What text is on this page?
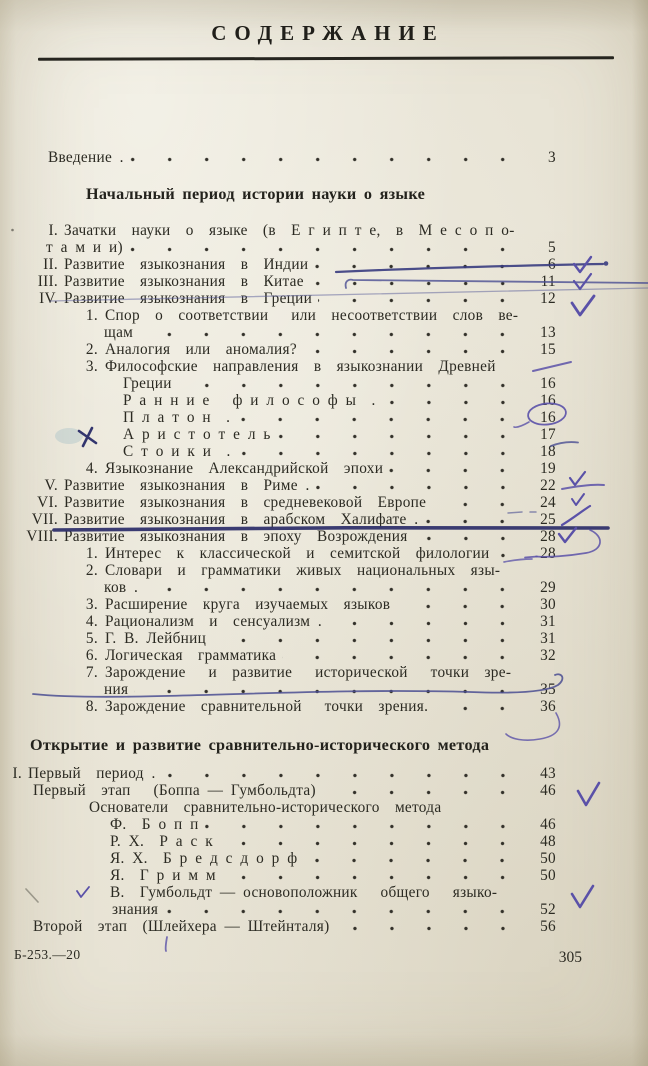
СОДЕРЖАНИЕ
Введение .	3
Начальный период истории науки о языке
I. Зачатки  науки  о  языке  (в  Е г и п т е,  в  М е с о п о-
т а м и и)	5
II. Развитие  языкознания  в  Индии	6
III. Развитие  языкознания  в  Китае	11
IV. Развитие  языкознания  в  Греции	12
1. Спор  о  соответствии   или  несоответствии  слов  ве-
щам	13
2. Аналогия  или  аномалия?	15
3. Философские  направления  в  языкознании  Древней
Греции	16
Р а н н и е   ф и л о с о ф ы  .	16
П л а т о н  .	16
А р и с т о т е л ь	17
С т о и к и  .	18
4. Языкознание  Александрийской  эпохи	19
V. Развитие  языкознания  в  Риме .	22
VI. Развитие  языкознания  в  средневековой  Европе	24
VII. Развитие  языкознания  в  арабском  Халифате .	25
VIII. Развитие  языкознания  в  эпоху  Возрождения	28
1. Интерес  к  классической  и  семитской  филологии	28
2. Словари  и  грамматики  живых  национальных  язы-
ков .	29
3. Расширение  круга  изучаемых  языков	30
4. Рационализм  и  сенсуализм .	31
5. Г. В. Лейбниц	31
6. Логическая  грамматика	32
7. Зарождение   и  развитие   исторической   точки  зре-
ния	35
8. Зарождение  сравнительной   точки  зрения.	36
Открытие и развитие сравнительно-исторического метода
I. Первый  период .	43
Первый  этап   (Боппа — Гумбольдта)	46
Основатели  сравнительно-исторического  метода
Ф.  Б о п п	46
Р. Х.  Р а с к	48
Я. Х.  Б р е д с д о р ф	50
Я.  Г р и м м	50
В.  Гумбольдт — основоположник   общего   языко-
знания	52
Второй  этап  (Шлейхера — Штейнталя)	56
Б-253.—20	305
